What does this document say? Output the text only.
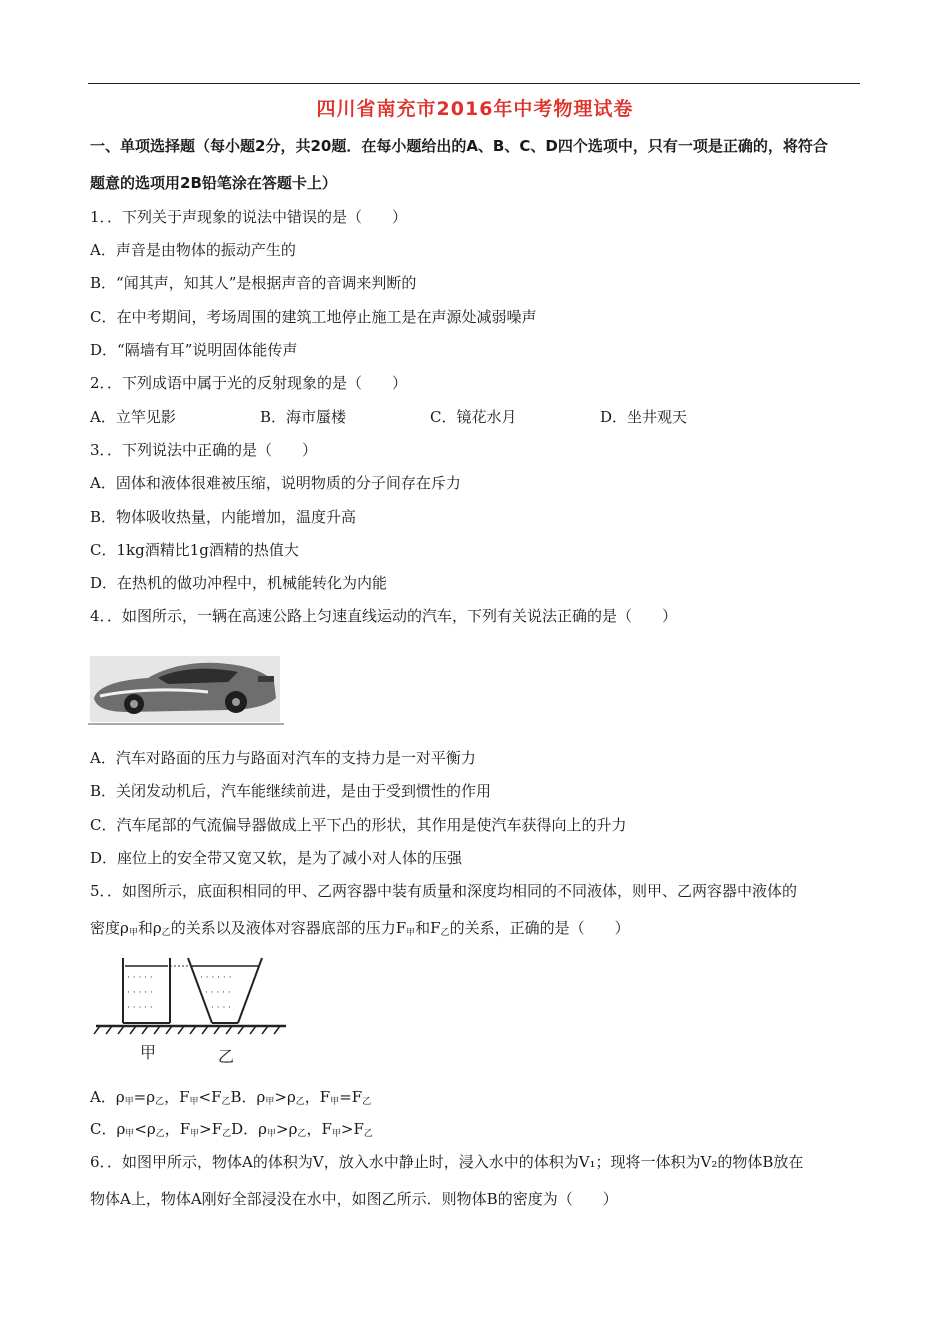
四川省南充市2016年中考物理试卷
一、单项选择题（每小题2分，共20题．在每小题给出的A、B、C、D四个选项中，只有一项是正确的，将符合
题意的选项用2B铅笔涂在答题卡上）
1．．下列关于声现象的说法中错误的是（　　）
A．声音是由物体的振动产生的
B．“闻其声，知其人”是根据声音的音调来判断的
C．在中考期间，考场周围的建筑工地停止施工是在声源处减弱噪声
D．“隔墙有耳”说明固体能传声
2．．下列成语中属于光的反射现象的是（　　）
A．立竿见影	B．海市蜃楼	C．镜花水月	D．坐井观天
3．．下列说法中正确的是（　　）
A．固体和液体很难被压缩，说明物质的分子间存在斥力
B．物体吸收热量，内能增加，温度升高
C．1kg酒精比1g酒精的热值大
D．在热机的做功冲程中，机械能转化为内能
4．．如图所示，一辆在高速公路上匀速直线运动的汽车，下列有关说法正确的是（　　）
A．汽车对路面的压力与路面对汽车的支持力是一对平衡力
B．关闭发动机后，汽车能继续前进，是由于受到惯性的作用
C．汽车尾部的气流偏导器做成上平下凸的形状，其作用是使汽车获得向上的升力
D．座位上的安全带又宽又软，是为了减小对人体的压强
5．．如图所示，底面积相同的甲、乙两容器中装有质量和深度均相同的不同液体，则甲、乙两容器中液体的
密度$\rho_甲$和$\rho_乙$的关系以及液体对容器底部的压力$F_甲$和$F_乙$的关系，正确的是（　　）
· · · · ·
· · · · ·
· · · · ·
· · · · · ·
· · · · ·
· · · ·
甲	乙
A．$\rho_甲=\rho_乙$，$F_甲<F_乙B$．$\rho_甲>\rho_乙$，$F_甲=F_乙$
C．$\rho_甲<\rho_乙$，$F_甲>F_乙D$．$\rho_甲>\rho_乙$，$F_甲>F_乙$
6．．如图甲所示，物体A的体积为V，放入水中静止时，浸入水中的体积为V₁；现将一体积为V₂的物体B放在
物体A上，物体A刚好全部浸没在水中，如图乙所示．则物体B的密度为（　　）
